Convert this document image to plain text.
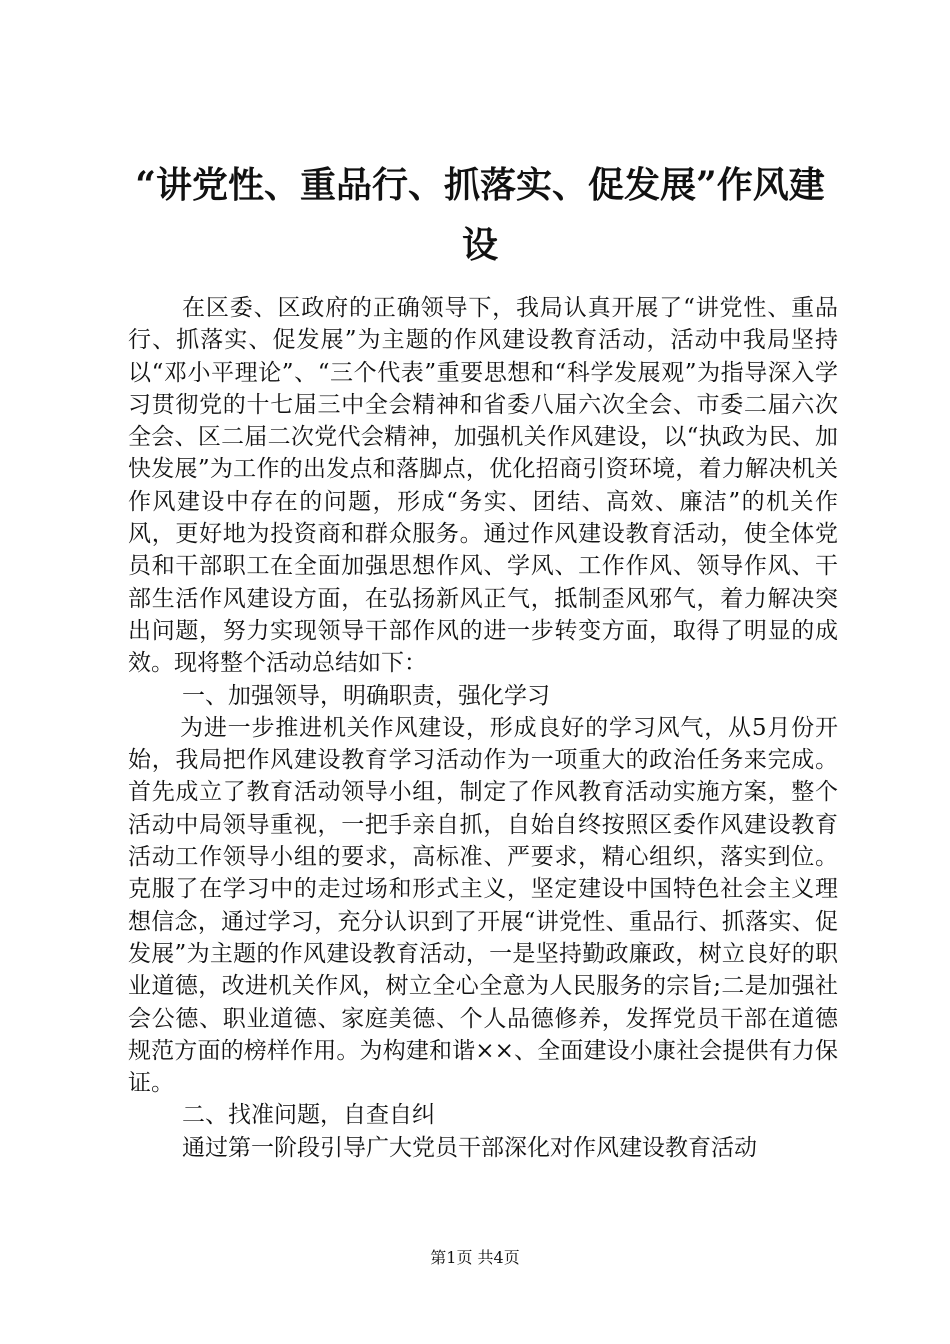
“讲党性、重品行、抓落实、促发展”作风建设

在区委、区政府的正确领导下，我局认真开展了“讲党性、重品行、抓落实、促发展”为主题的作风建设教育活动，活动中我局坚持以“邓小平理论”、“三个代表”重要思想和“科学发展观”为指导深入学习贯彻党的十七届三中全会精神和省委八届六次全会、市委二届六次全会、区二届二次党代会精神，加强机关作风建设，以“执政为民、加快发展”为工作的出发点和落脚点，优化招商引资环境，着力解决机关作风建设中存在的问题，形成“务实、团结、高效、廉洁”的机关作风，更好地为投资商和群众服务。通过作风建设教育活动，使全体党员和干部职工在全面加强思想作风、学风、工作作风、领导作风、干部生活作风建设方面，在弘扬新风正气，抵制歪风邪气，着力解决突出问题，努力实现领导干部作风的进一步转变方面，取得了明显的成效。现将整个活动总结如下：

一、加强领导，明确职责，强化学习

为进一步推进机关作风建设，形成良好的学习风气，从5月份开始，我局把作风建设教育学习活动作为一项重大的政治任务来完成。首先成立了教育活动领导小组，制定了作风教育活动实施方案，整个活动中局领导重视，一把手亲自抓，自始自终按照区委作风建设教育活动工作领导小组的要求，高标准、严要求，精心组织，落实到位。克服了在学习中的走过场和形式主义，坚定建设中国特色社会主义理想信念，通过学习，充分认识到了开展“讲党性、重品行、抓落实、促发展”为主题的作风建设教育活动，一是坚持勤政廉政，树立良好的职业道德，改进机关作风，树立全心全意为人民服务的宗旨;二是加强社会公德、职业道德、家庭美德、个人品德修养，发挥党员干部在道德规范方面的榜样作用。为构建和谐××、全面建设小康社会提供有力保证。

二、找准问题，自查自纠

通过第一阶段引导广大党员干部深化对作风建设教育活动

第1页 共4页
